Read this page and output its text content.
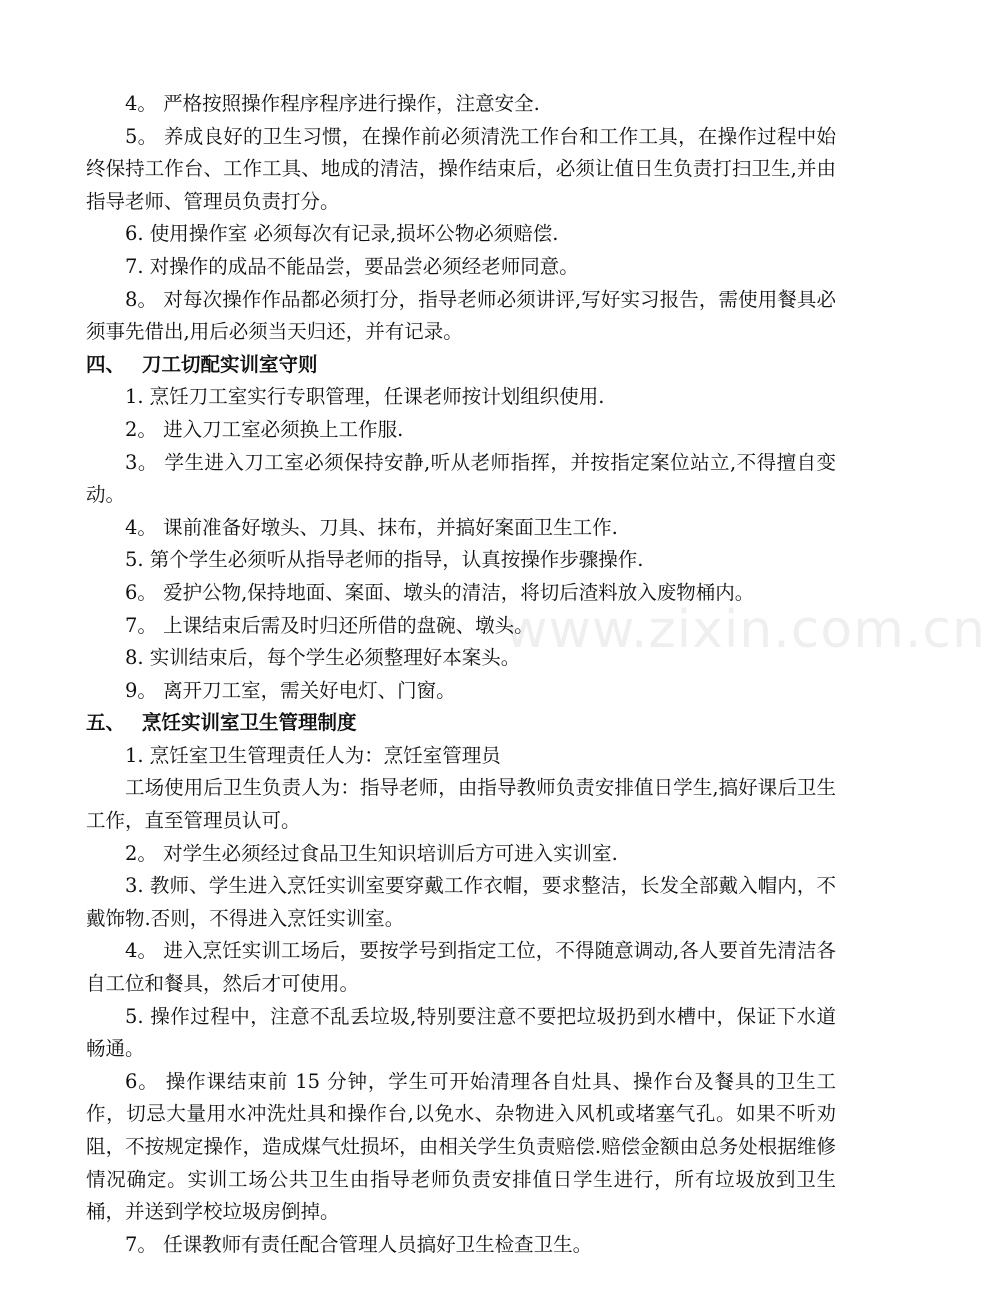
4。 严格按照操作程序程序进行操作，注意安全.

5。 养成良好的卫生习惯，在操作前必须清洗工作台和工作工具，在操作过程中始终保持工作台、工作工具、地成的清洁，操作结束后，必须让值日生负责打扫卫生,并由指导老师、管理员负责打分。

6. 使用操作室 必须每次有记录,损坏公物必须赔偿.

7. 对操作的成品不能品尝，要品尝必须经老师同意。

8。 对每次操作作品都必须打分，指导老师必须讲评,写好实习报告，需使用餐具必须事先借出,用后必须当天归还，并有记录。

四、 刀工切配实训室守则

1. 烹饪刀工室实行专职管理，任课老师按计划组织使用.

2。 进入刀工室必须换上工作服.

3。 学生进入刀工室必须保持安静,听从老师指挥，并按指定案位站立,不得擅自变动。

4。 课前准备好墩头、刀具、抹布，并搞好案面卫生工作.

5. 第个学生必须听从指导老师的指导，认真按操作步骤操作.

6。 爱护公物,保持地面、案面、墩头的清洁，将切后渣料放入废物桶内。

7。 上课结束后需及时归还所借的盘碗、墩头。

8. 实训结束后，每个学生必须整理好本案头。

9。 离开刀工室，需关好电灯、门窗。

五、 烹饪实训室卫生管理制度

1. 烹饪室卫生管理责任人为：烹饪室管理员

工场使用后卫生负责人为：指导老师，由指导教师负责安排值日学生,搞好课后卫生工作，直至管理员认可。

2。 对学生必须经过食品卫生知识培训后方可进入实训室.

3. 教师、学生进入烹饪实训室要穿戴工作衣帽，要求整洁，长发全部戴入帽内，不戴饰物.否则，不得进入烹饪实训室。

4。 进入烹饪实训工场后，要按学号到指定工位，不得随意调动,各人要首先清洁各自工位和餐具，然后才可使用。

5. 操作过程中，注意不乱丢垃圾,特别要注意不要把垃圾扔到水槽中，保证下水道畅通。

6。 操作课结束前 15 分钟，学生可开始清理各自灶具、操作台及餐具的卫生工作，切忌大量用水冲洗灶具和操作台,以免水、杂物进入风机或堵塞气孔。如果不听劝阻，不按规定操作，造成煤气灶损坏，由相关学生负责赔偿.赔偿金额由总务处根据维修情况确定。实训工场公共卫生由指导老师负责安排值日学生进行，所有垃圾放到卫生桶，并送到学校垃圾房倒掉。

7。 任课教师有责任配合管理人员搞好卫生检查卫生。

www.zixin.com.cn
